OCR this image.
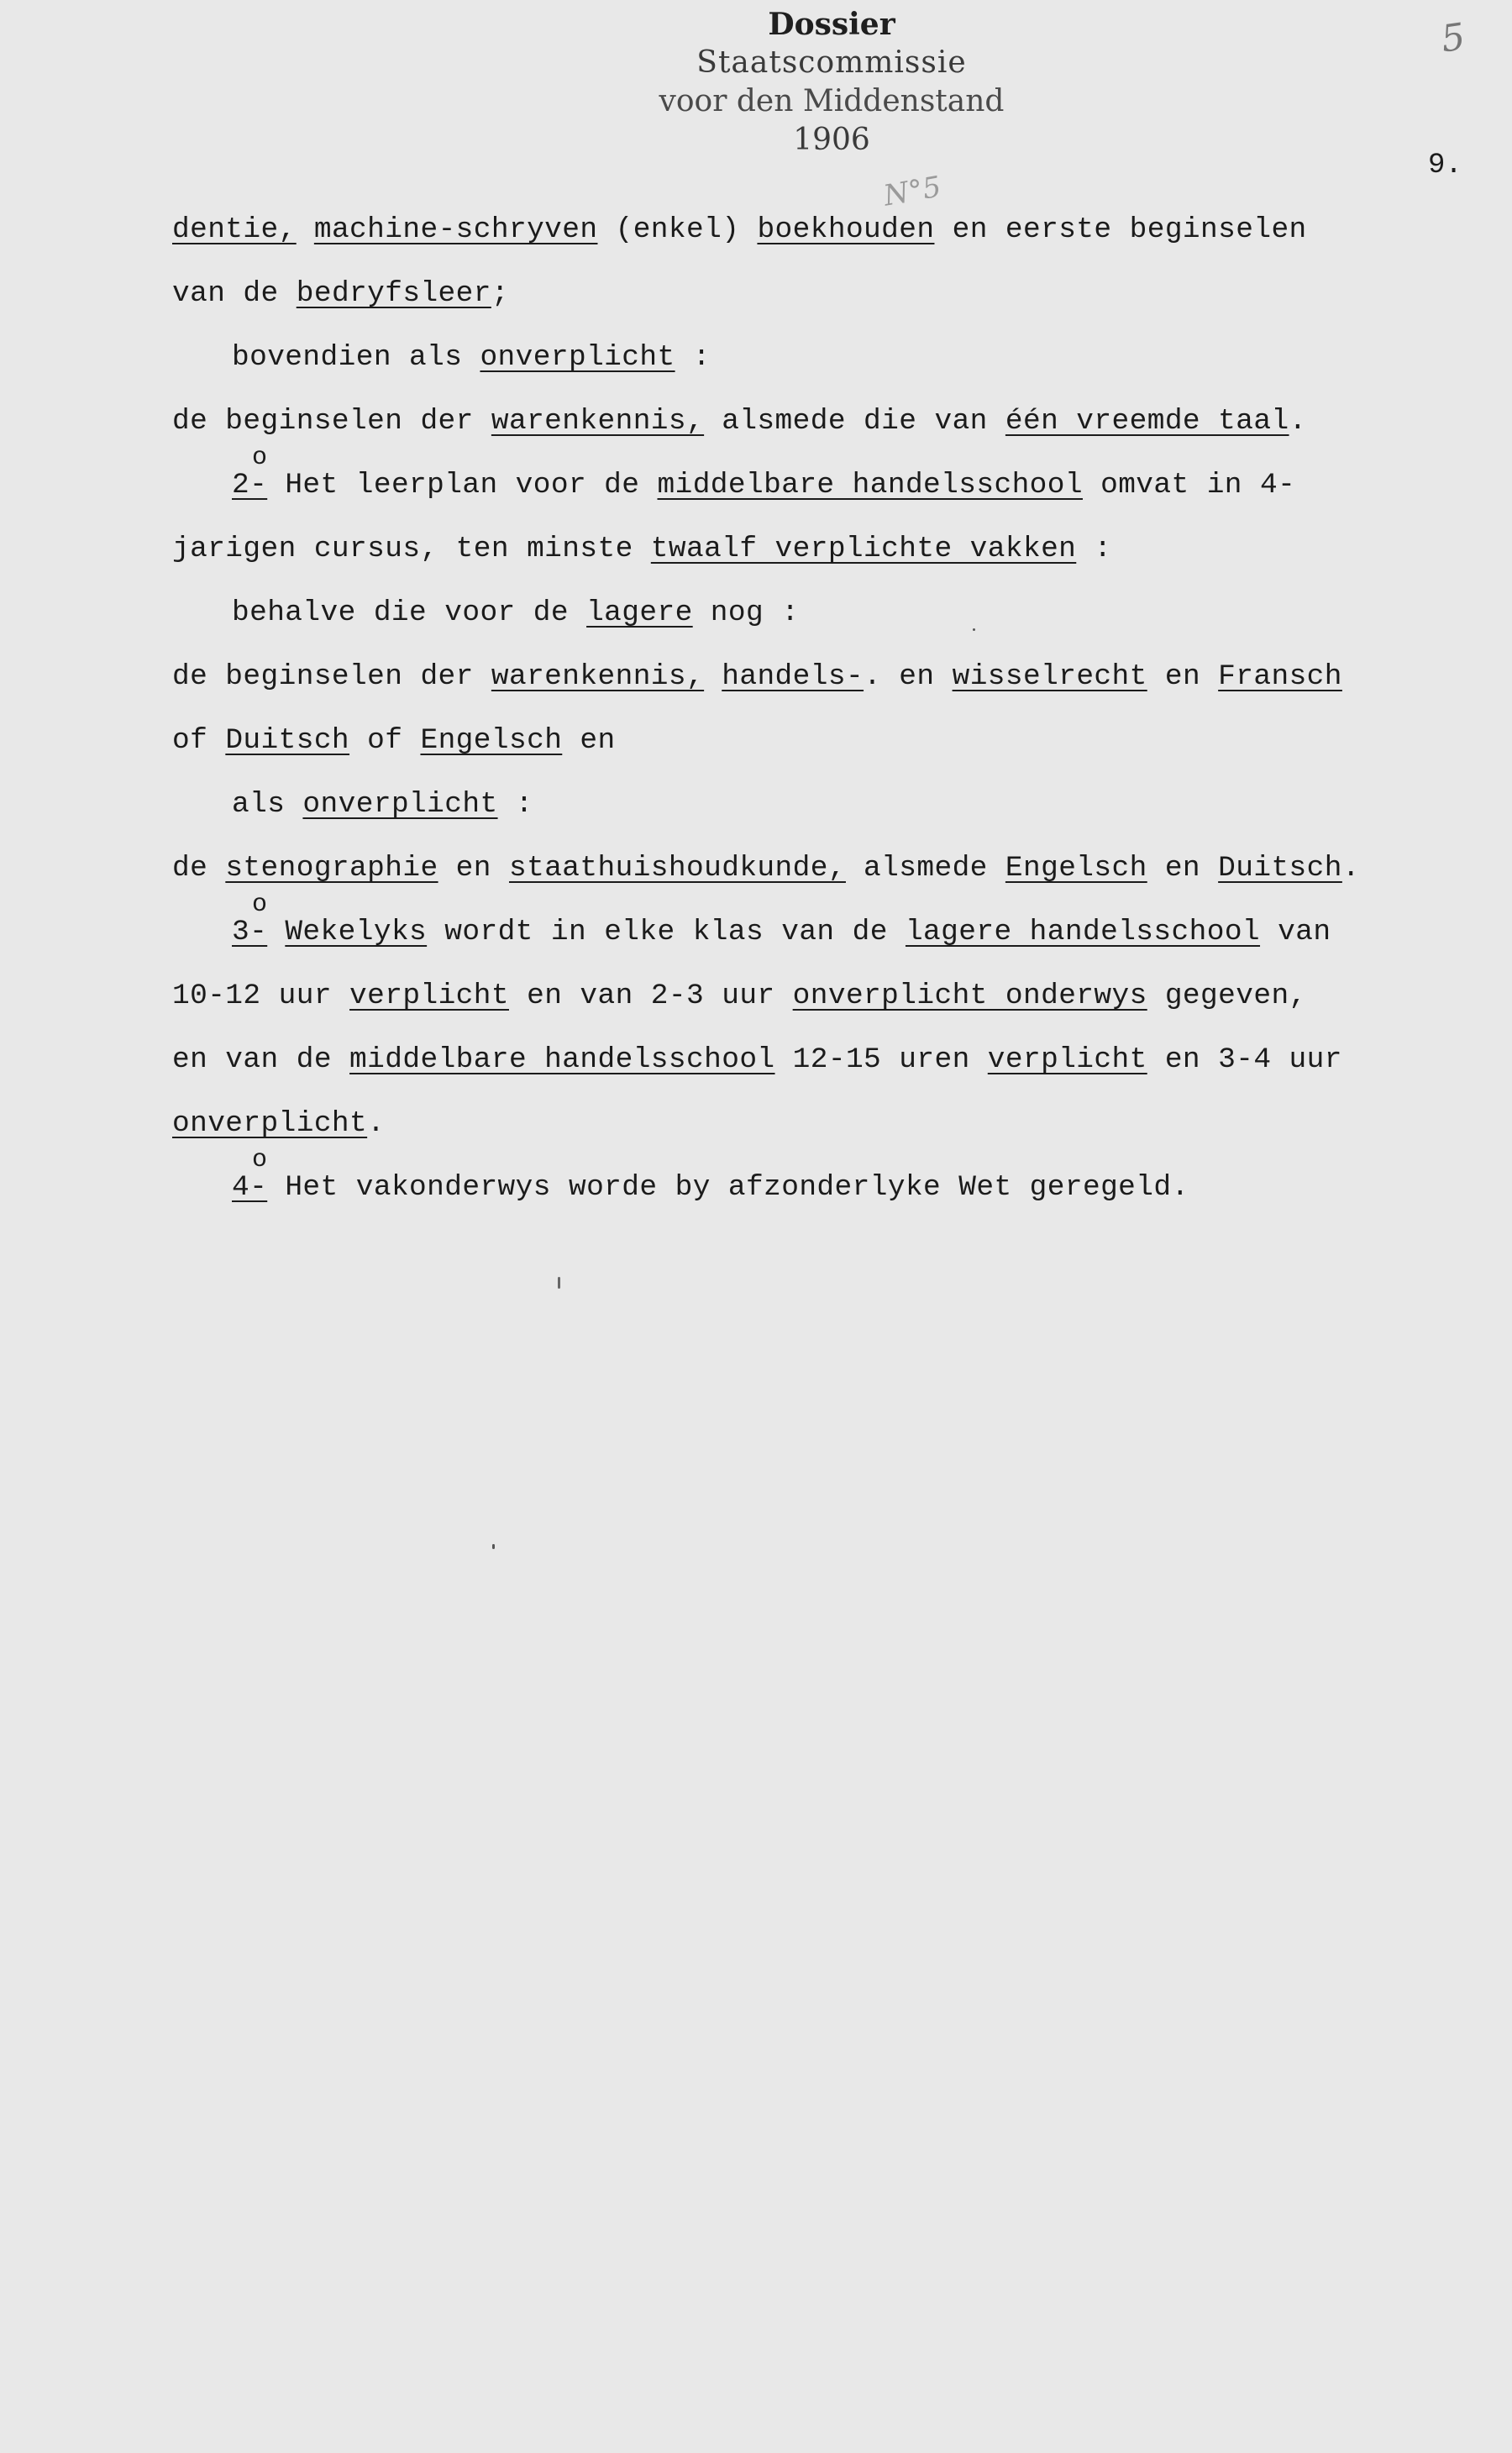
Dossier
Staatscommissie
voor den Middenstand
1906
5
N°5
9.
dentie, machine-schryven (enkel) boekhouden en eerste beginselen
van de bedryfsleer;
bovendien als onverplicht :
de beginselen der warenkennis, alsmede die van één vreemde taal.
o
2- Het leerplan voor de middelbare handelsschool omvat in 4-
jarigen cursus, ten minste twaalf verplichte vakken :
behalve die voor de lagere nog :
de beginselen der warenkennis, handels-. en wisselrecht en Fransch
of Duitsch of Engelsch en
als onverplicht :
de stenographie en staathuishoudkunde, alsmede Engelsch en Duitsch.
o
3- Wekelyks wordt in elke klas van de lagere handelsschool van
10-12 uur verplicht en van 2-3 uur onverplicht onderwys gegeven,
en van de middelbare handelsschool 12-15 uren verplicht en 3-4 uur
onverplicht.
o
4- Het vakonderwys worde by afzonderlyke Wet geregeld.
